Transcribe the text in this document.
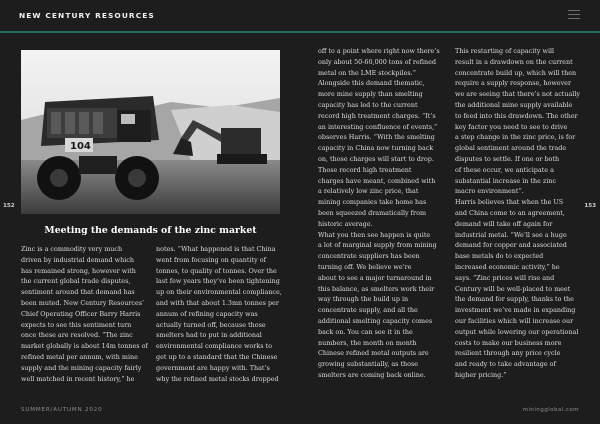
NEW CENTURY RESOURCES
152	153
104
Meeting the demands of the zinc market
Zinc is a commodity very much
driven by industrial demand which
has remained strong, however with
the current global trade disputes,
sentiment around that demand has
been muted. New Century Resources’
Chief Operating Officer Barry Harris
expects to see this sentiment turn
once these are resolved. “The zinc
market globally is about 14m tonnes of
refined metal per annum, with mine
supply and the mining capacity fairly
well matched in recent history,” he
notes. “What happened is that China
went from focusing on quantity of
tonnes, to quality of tonnes. Over the
last few years they’ve been tightening
up on their environmental compliance,
and with that about 1.3mn tonnes per
annum of refining capacity was
actually turned off, because those
smelters had to put in additional
environmental compliance works to
get up to a standard that the Chinese
government are happy with. That’s
why the refined metal stocks dropped
off to a point where right now there’s
only about 50-60,000 tons of refined
metal on the LME stockpiles.”
Alongside this demand thematic,
more mine supply than smelting
capacity has led to the current
record high treatment charges. “It’s
an interesting confluence of events,”
observes Harris. “With the smelting
capacity in China now turning back
on, those charges will start to drop.
Those record high treatment
charges have meant, combined with
a relatively low zinc price, that
mining companies take home has
been squeezed dramatically from
historic average.
What you then see happen is quite
a lot of marginal supply from mining
concentrate suppliers has been
turning off. We believe we’re
about to see a major turnaround in
this balance, as smelters work their
way through the build up in
concentrate supply, and all the
additional smelting capacity comes
back on. You can see it in the
numbers, the month on month
Chinese refined metal outputs are
growing substantially, as those
smelters are coming back online.
This restarting of capacity will
result in a drawdown on the current
concentrate build up, which will then
require a supply response, however
we are seeing that there’s not actually
the additional mine supply available
to feed into this drawdown. The other
key factor you need to see to drive
a step change in the zinc price, is for
global sentiment around the trade
disputes to settle. If one or both
of these occur, we anticipate a
substantial increase in the zinc
macro environment”.
Harris believes that when the US
and China come to an agreement,
demand will take off again for
industrial metal. “We’ll see a huge
demand for copper and associated
base metals do to expected
increased economic activity,” he
says. “Zinc prices will rise and
Century will be well-placed to meet
the demand for supply, thanks to the
investment we’ve made in expanding
our facilities which will increase our
output while lowering our operational
costs to make our business more
resilient through any price cycle
and ready to take advantage of
higher pricing.”
SUMMER/AUTUMN 2020	miningglobal.com
